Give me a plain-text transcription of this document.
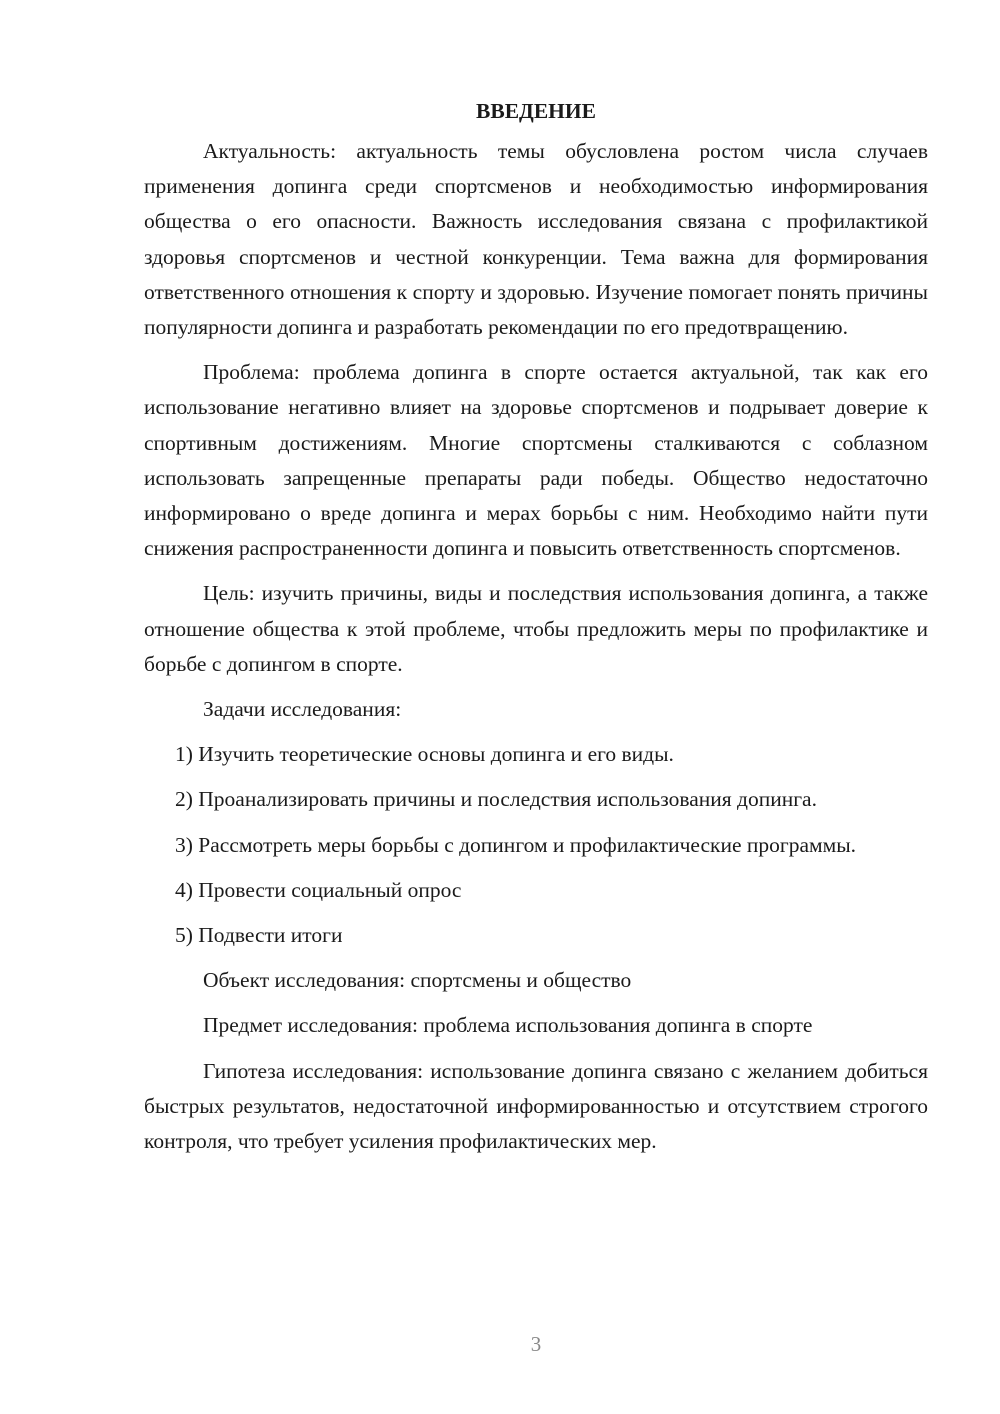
ВВЕДЕНИЕ

Актуальность: актуальность темы обусловлена ростом числа случаев применения допинга среди спортсменов и необходимостью информирования общества о его опасности. Важность исследования связана с профилактикой здоровья спортсменов и честной конкуренции. Тема важна для формирования ответственного отношения к спорту и здоровью. Изучение помогает понять причины популярности допинга и разработать рекомендации по его предотвращению.

Проблема: проблема допинга в спорте остается актуальной, так как его использование негативно влияет на здоровье спортсменов и подрывает доверие к спортивным достижениям. Многие спортсмены сталкиваются с соблазном использовать запрещенные препараты ради победы. Общество недостаточно информировано о вреде допинга и мерах борьбы с ним. Необходимо найти пути снижения распространенности допинга и повысить ответственность спортсменов.

Цель: изучить причины, виды и последствия использования допинга, а также отношение общества к этой проблеме, чтобы предложить меры по профилактике и борьбе с допингом в спорте.

Задачи исследования:

1) Изучить теоретические основы допинга и его виды.

2) Проанализировать причины и последствия использования допинга.

3) Рассмотреть меры борьбы с допингом и профилактические программы.

4) Провести социальный опрос

5) Подвести итоги

Объект исследования: спортсмены и общество

Предмет исследования: проблема использования допинга в спорте

Гипотеза исследования: использование допинга связано с желанием добиться быстрых результатов, недостаточной информированностью и отсутствием строгого контроля, что требует усиления профилактических мер.

3
